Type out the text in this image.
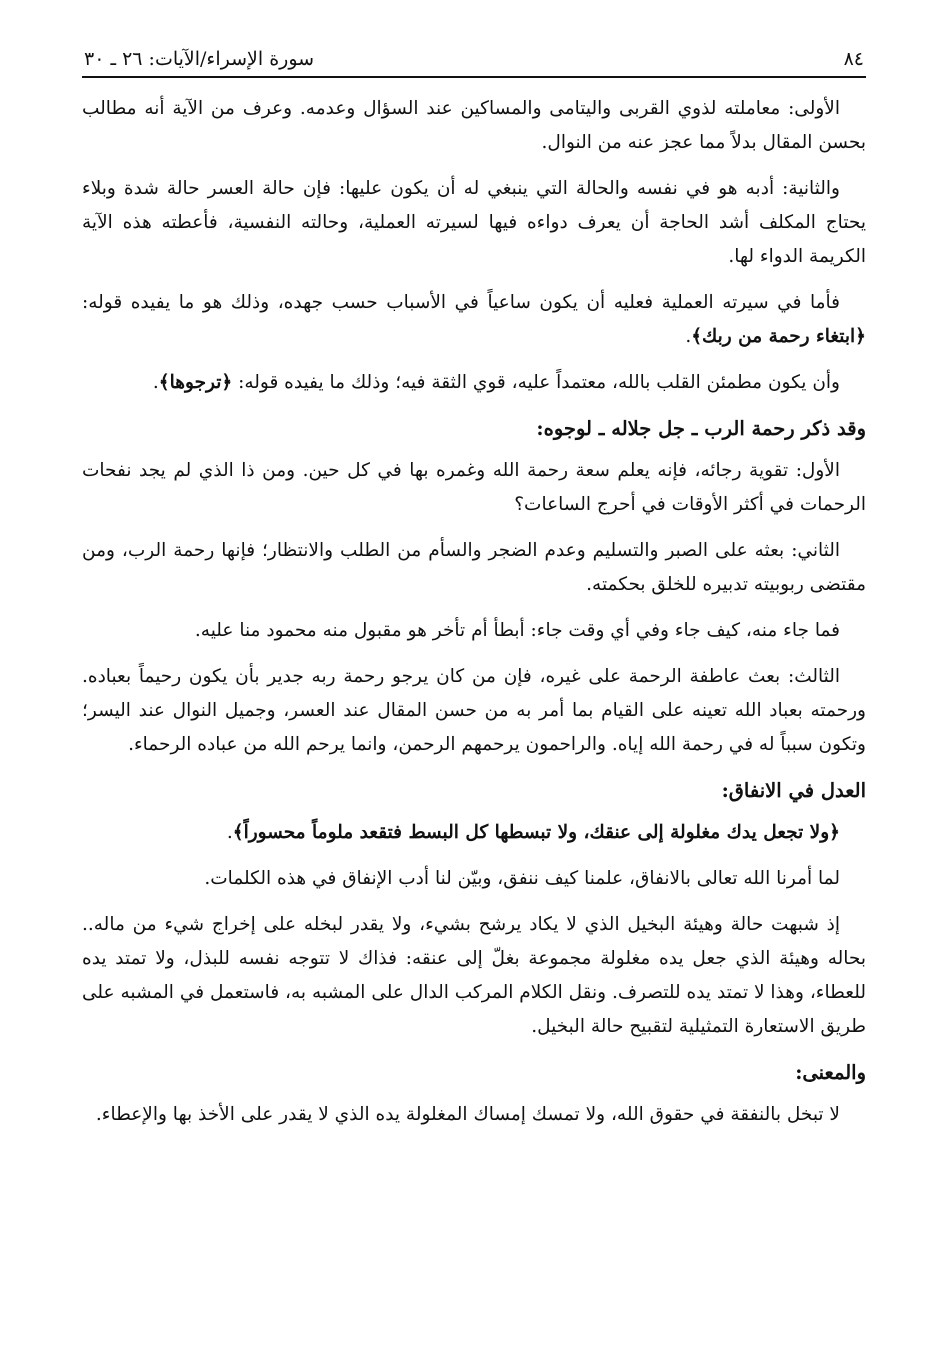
٨٤
سورة الإسراء/الآيات: ٢٦ ـ ٣٠

الأولى: معاملته لذوي القربى واليتامى والمساكين عند السؤال وعدمه. وعرف من الآية أنه مطالب بحسن المقال بدلاً مما عجز عنه من النوال.

والثانية: أدبه هو في نفسه والحالة التي ينبغي له أن يكون عليها: فإن حالة العسر حالة شدة وبلاء يحتاج المكلف أشد الحاجة أن يعرف دواءه فيها لسيرته العملية، وحالته النفسية، فأعطته هذه الآية الكريمة الدواء لها.

فأما في سيرته العملية فعليه أن يكون ساعياً في الأسباب حسب جهده، وذلك هو ما يفيده قوله: ﴿ابتغاء رحمة من ربك﴾.

وأن يكون مطمئن القلب بالله، معتمداً عليه، قوي الثقة فيه؛ وذلك ما يفيده قوله: ﴿ترجوها﴾.

وقد ذكر رحمة الرب ـ جل جلاله ـ لوجوه:

الأول: تقوية رجائه، فإنه يعلم سعة رحمة الله وغمره بها في كل حين. ومن ذا الذي لم يجد نفحات الرحمات في أكثر الأوقات في أحرج الساعات؟

الثاني: بعثه على الصبر والتسليم وعدم الضجر والسأم من الطلب والانتظار؛ فإنها رحمة الرب، ومن مقتضى ربوبيته تدبيره للخلق بحكمته.

فما جاء منه، كيف جاء وفي أي وقت جاء: أبطأ أم تأخر هو مقبول منه محمود منا عليه.

الثالث: بعث عاطفة الرحمة على غيره، فإن من كان يرجو رحمة ربه جدير بأن يكون رحيماً بعباده. ورحمته بعباد الله تعينه على القيام بما أمر به من حسن المقال عند العسر، وجميل النوال عند اليسر؛ وتكون سبباً له في رحمة الله إياه. والراحمون يرحمهم الرحمن، وانما يرحم الله من عباده الرحماء.

العدل في الانفاق:

﴿ولا تجعل يدك مغلولة إلى عنقك، ولا تبسطها كل البسط فتقعد ملوماً محسوراً﴾.

لما أمرنا الله تعالى بالانفاق، علمنا كيف ننفق، وبيّن لنا أدب الإنفاق في هذه الكلمات.

إذ شبهت حالة وهيئة البخيل الذي لا يكاد يرشح بشيء، ولا يقدر لبخله على إخراج شيء من ماله.. بحاله وهيئة الذي جعل يده مغلولة مجموعة بغلّ إلى عنقه: فذاك لا تتوجه نفسه للبذل، ولا تمتد يده للعطاء، وهذا لا تمتد يده للتصرف. ونقل الكلام المركب الدال على المشبه به، فاستعمل في المشبه على طريق الاستعارة التمثيلية لتقبيح حالة البخيل.

والمعنى:

لا تبخل بالنفقة في حقوق الله، ولا تمسك إمساك المغلولة يده الذي لا يقدر على الأخذ بها والإعطاء.
